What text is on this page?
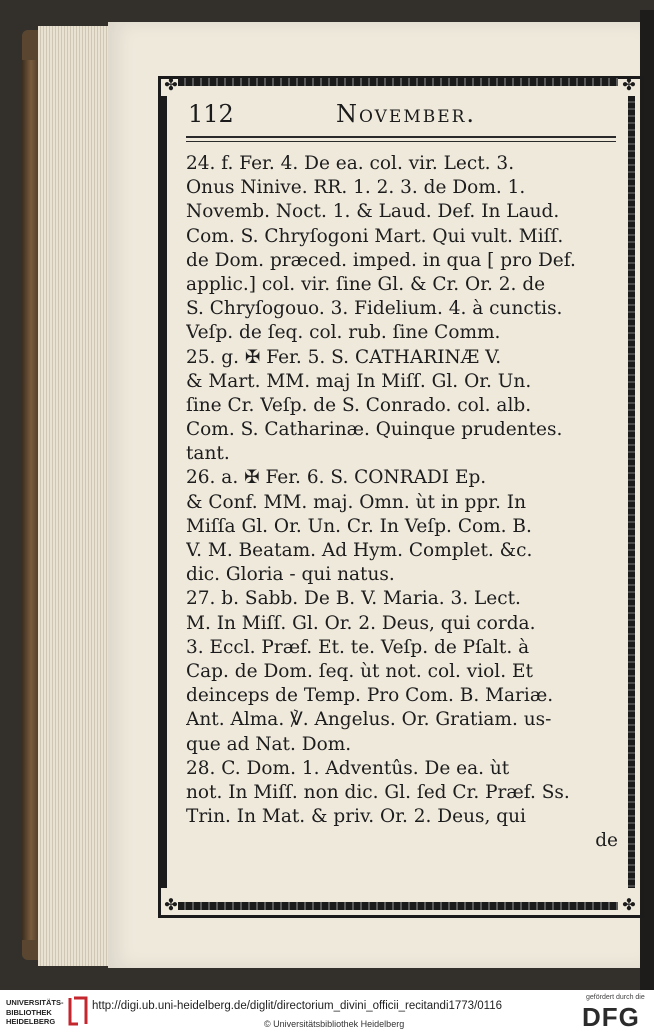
✤	✤
✤	✤
112	November.
24. f. Fer. 4. De ea. col. vir. Lect. 3.
Onus Ninive. RR. 1. 2. 3. de Dom. 1.
Novemb. Noct. 1. & Laud. Def. In Laud.
Com. S. Chryſogoni Mart. Qui vult. Miſſ.
de Dom. præced. imped. in qua [ pro Def.
applic.] col. vir. ſine Gl. & Cr. Or. 2. de
S. Chryſogouo. 3. Fidelium. 4. à cunctis.
Veſp. de ſeq. col. rub. ſine Comm.
25. g. ✠ Fer. 5. S. CATHARINÆ V.
& Mart. MM. maj In Miſſ. Gl. Or. Un.
ſine Cr. Veſp. de S. Conrado. col. alb.
Com. S. Catharinæ. Quinque prudentes.
tant.
26. a. ✠ Fer. 6. S. CONRADI Ep.
& Conf. MM. maj. Omn. ùt in ppr. In
Miſſa Gl. Or. Un. Cr. In Veſp. Com. B.
V. M. Beatam. Ad Hym. Complet. &c.
dic. Gloria - qui natus.
27. b. Sabb. De B. V. Maria. 3. Lect.
M. In Miſſ. Gl. Or. 2. Deus, qui corda.
3. Eccl. Præf. Et. te. Veſp. de Pſalt. à
Cap. de Dom. ſeq. ùt not. col. viol. Et
deinceps de Temp. Pro Com. B. Mariæ.
Ant. Alma. ℣. Angelus. Or. Gratiam. us-
que ad Nat. Dom.
28. C. Dom. 1. Adventûs. De ea. ùt
not. In Miſſ. non dic. Gl. ſed Cr. Præf. Ss.
Trin. In Mat. & priv. Or. 2. Deus, qui
de
UNIVERSITÄTS- BIBLIOTHEK HEIDELBERG
http://digi.ub.uni-heidelberg.de/diglit/directorium_divini_officii_recitandi1773/0116
© Universitätsbibliothek Heidelberg
gefördert durch die
DFG
